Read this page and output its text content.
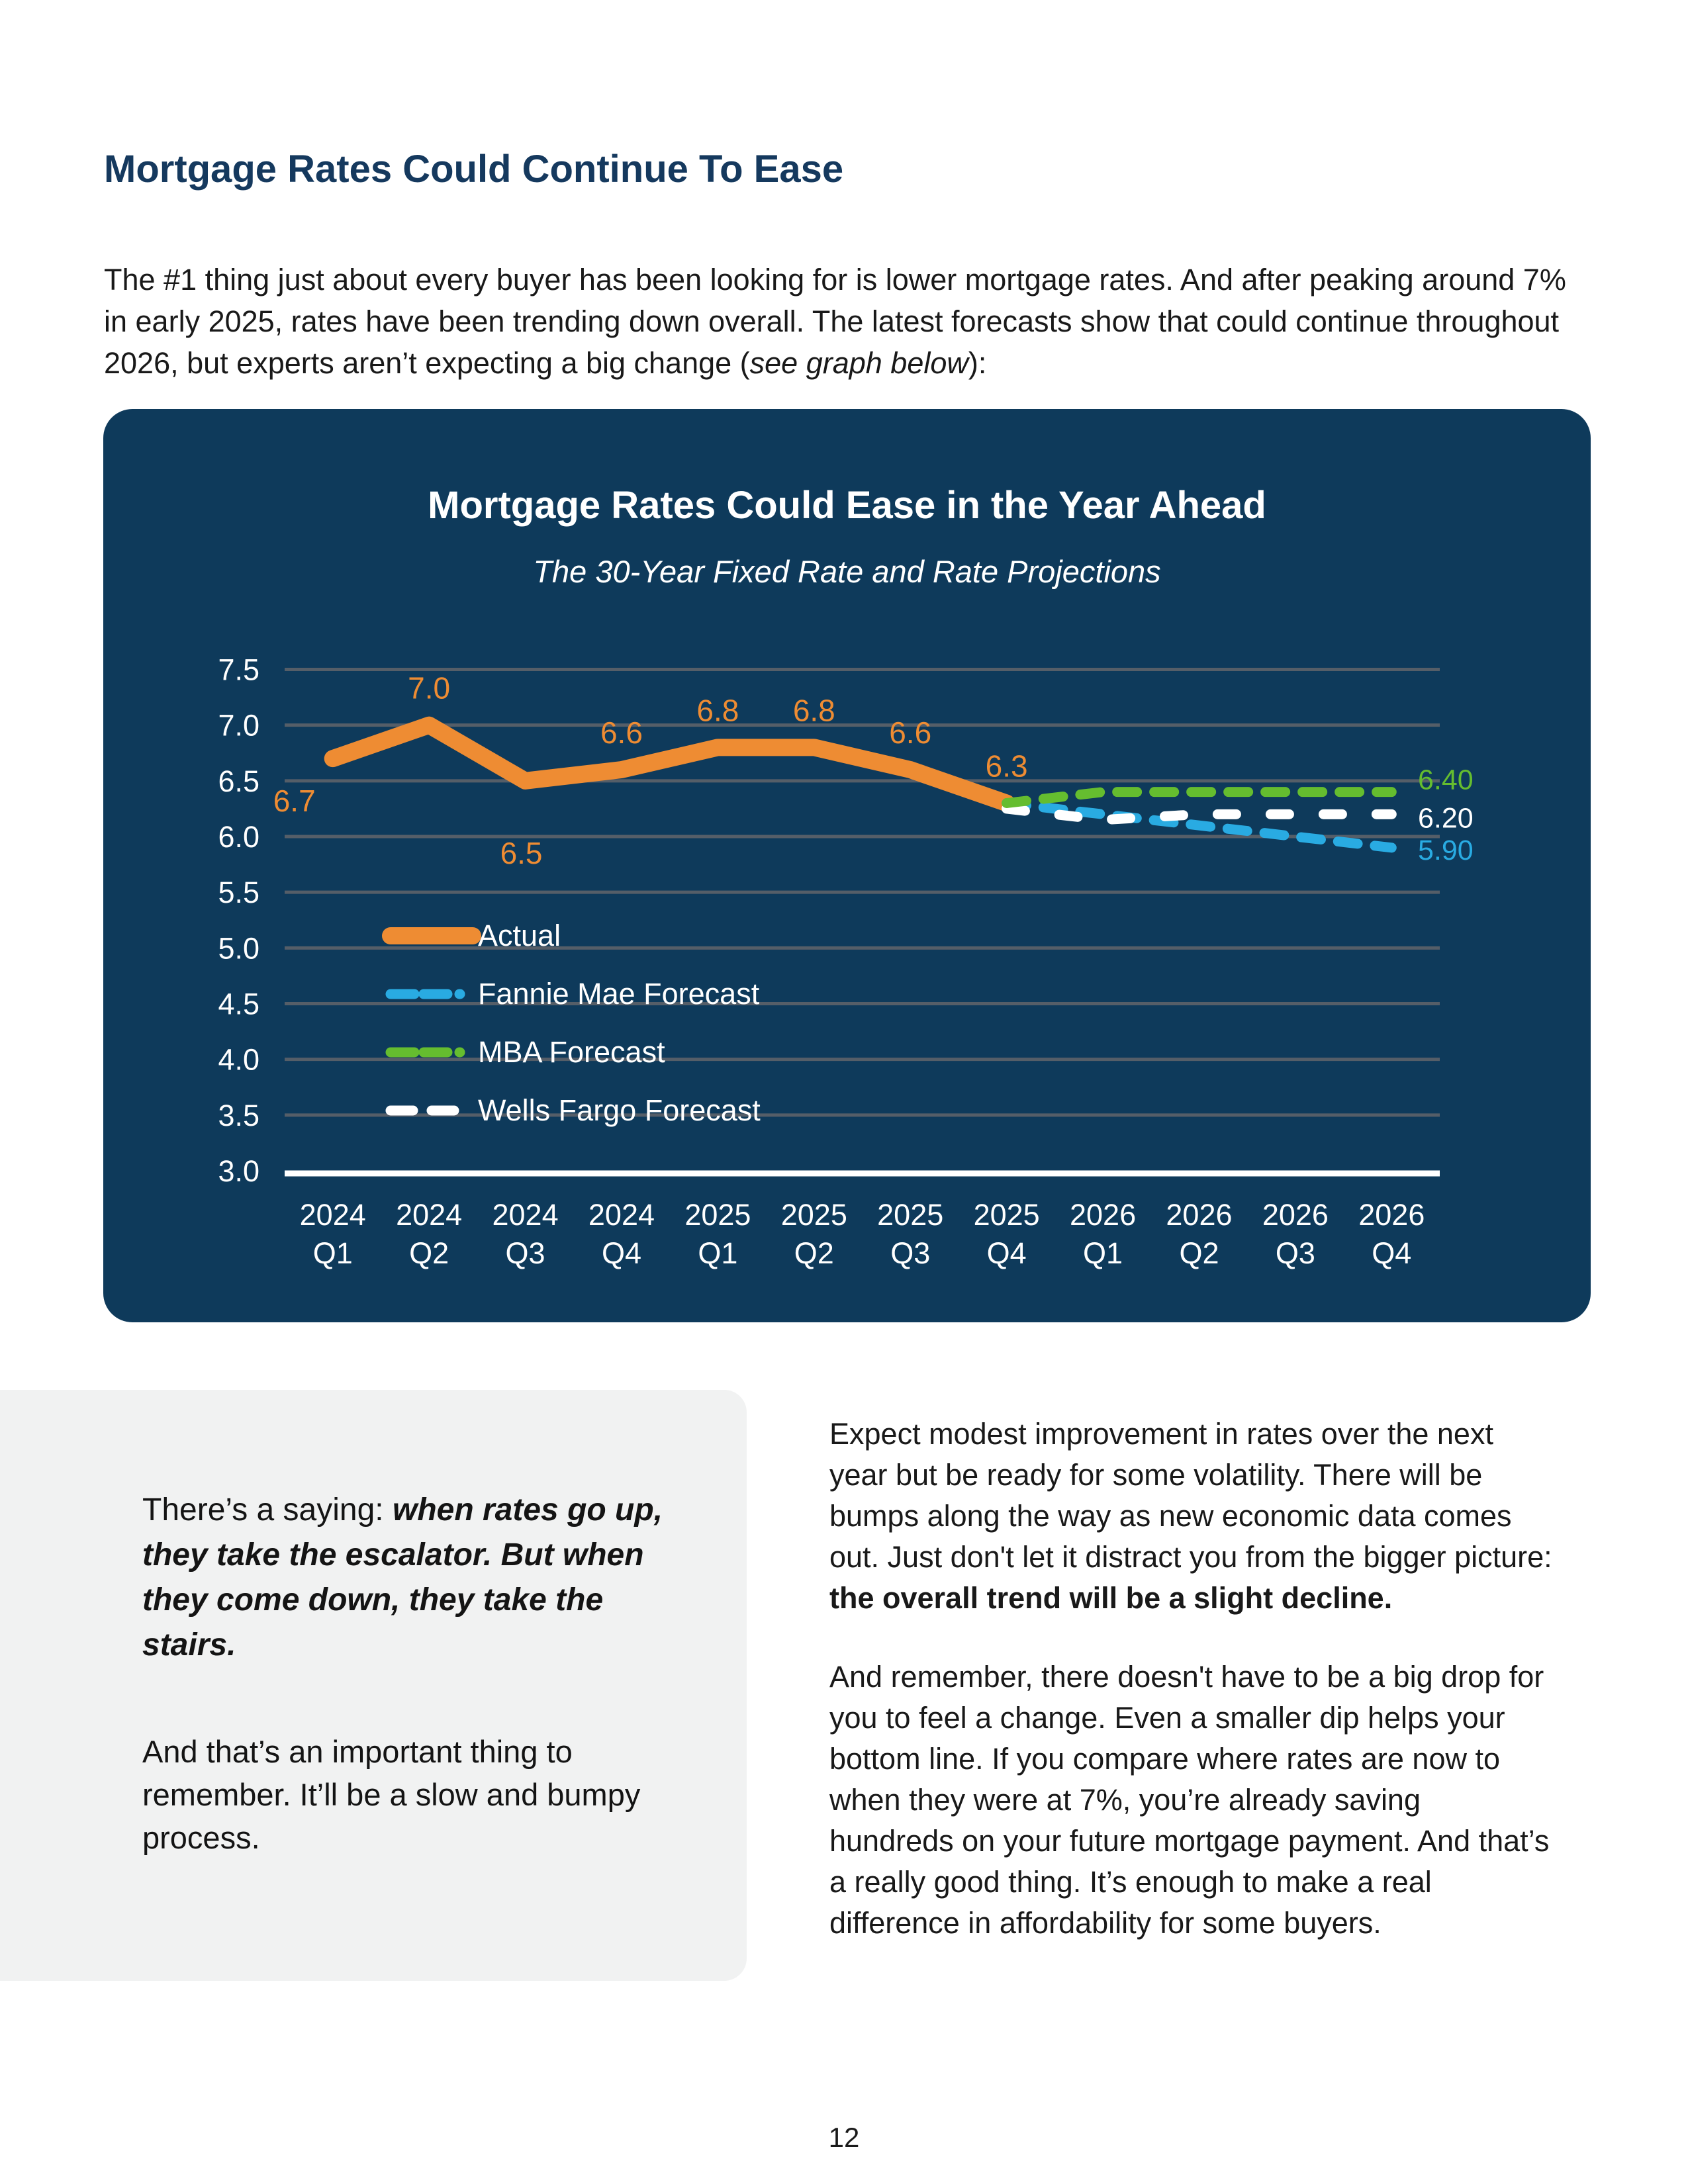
Mortgage Rates Could Continue To Ease

The #1 thing just about every buyer has been looking for is lower mortgage rates. And after peaking around 7% in early 2025, rates have been trending down overall. The latest forecasts show that could continue throughout 2026, but experts aren’t expecting a big change (see graph below):

Mortgage Rates Could Ease in the Year Ahead
The 30-Year Fixed Rate and Rate Projections
7.5
7.0
6.5
6.0
5.5
5.0
4.5
4.0
3.5
3.0
2024 Q1
2024 Q2
2024 Q3
2024 Q4
2025 Q1
2025 Q2
2025 Q3
2025 Q4
2026 Q1
2026 Q2
2026 Q3
2026 Q4
6.7
7.0
6.5
6.6
6.8 6.8
6.6
6.3
5.90
6.40
6.20
Actual
Fannie Mae Forecast
MBA Forecast
Wells Fargo Forecast

There’s a saying: when rates go up, they take the escalator. But when they come down, they take the stairs.

And that’s an important thing to remember. It’ll be a slow and bumpy process.

Expect modest improvement in rates over the next year but be ready for some volatility. There will be bumps along the way as new economic data comes out. Just don't let it distract you from the bigger picture: the overall trend will be a slight decline.

And remember, there doesn't have to be a big drop for you to feel a change. Even a smaller dip helps your bottom line. If you compare where rates are now to when they were at 7%, you’re already saving hundreds on your future mortgage payment. And that’s a really good thing. It’s enough to make a real difference in affordability for some buyers.

12
